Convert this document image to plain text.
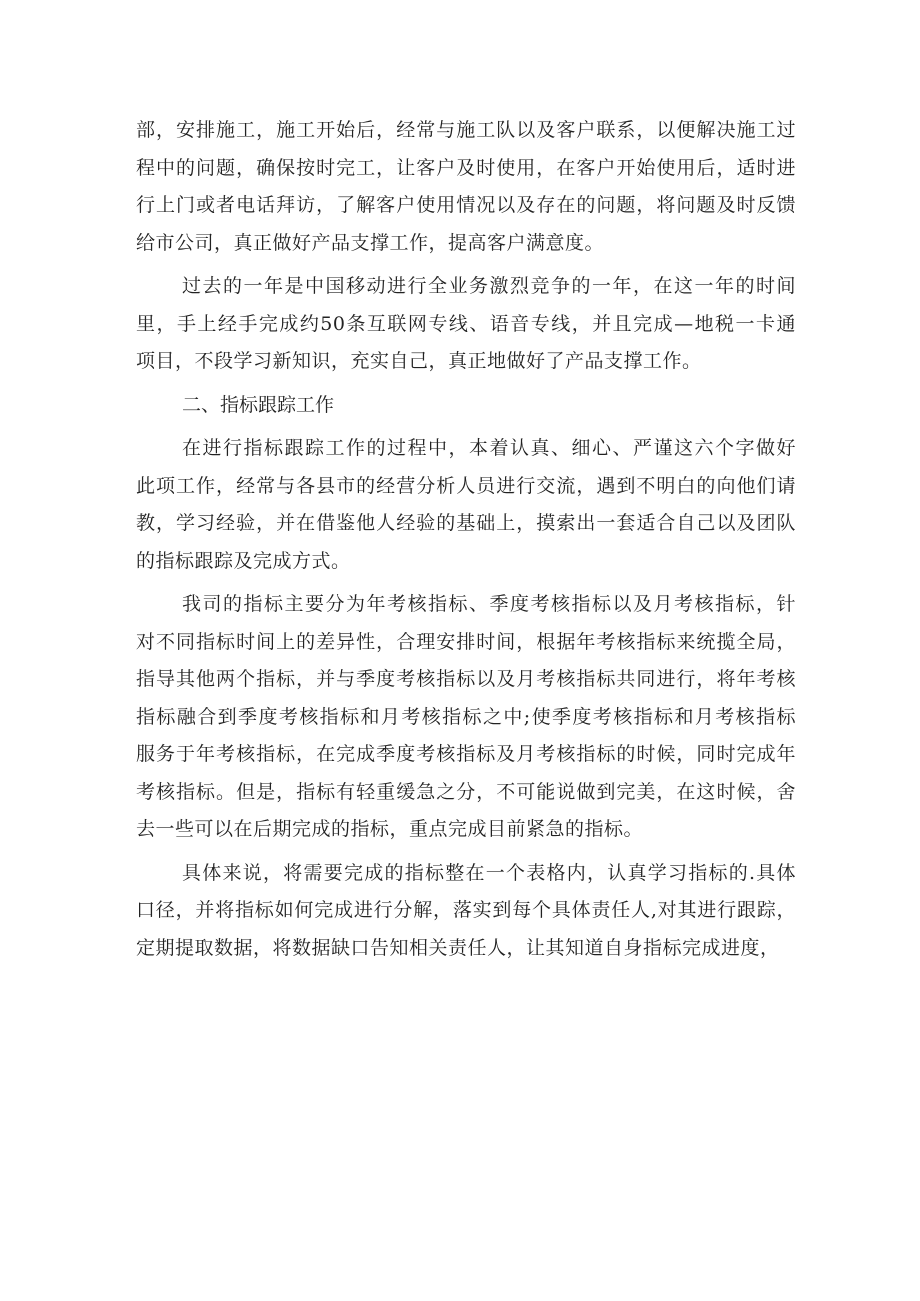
部，安排施工，施工开始后，经常与施工队以及客户联系，以便解决施工过
程中的问题，确保按时完工，让客户及时使用，在客户开始使用后，适时进
行上门或者电话拜访，了解客户使用情况以及存在的问题，将问题及时反馈
给市公司，真正做好产品支撑工作，提高客户满意度。
过去的一年是中国移动进行全业务激烈竞争的一年，在这一年的时间
里，手上经手完成约50条互联网专线、语音专线，并且完成—地税一卡通
项目，不段学习新知识，充实自己，真正地做好了产品支撑工作。
二、指标跟踪工作
在进行指标跟踪工作的过程中，本着认真、细心、严谨这六个字做好
此项工作，经常与各县市的经营分析人员进行交流，遇到不明白的向他们请
教，学习经验，并在借鉴他人经验的基础上，摸索出一套适合自己以及团队
的指标跟踪及完成方式。
我司的指标主要分为年考核指标、季度考核指标以及月考核指标，针
对不同指标时间上的差异性，合理安排时间，根据年考核指标来统揽全局，
指导其他两个指标，并与季度考核指标以及月考核指标共同进行，将年考核
指标融合到季度考核指标和月考核指标之中;使季度考核指标和月考核指标
服务于年考核指标，在完成季度考核指标及月考核指标的时候，同时完成年
考核指标。但是，指标有轻重缓急之分，不可能说做到完美，在这时候，舍
去一些可以在后期完成的指标，重点完成目前紧急的指标。
具体来说，将需要完成的指标整在一个表格内，认真学习指标的.具体
口径，并将指标如何完成进行分解，落实到每个具体责任人,对其进行跟踪，
定期提取数据，将数据缺口告知相关责任人，让其知道自身指标完成进度，
